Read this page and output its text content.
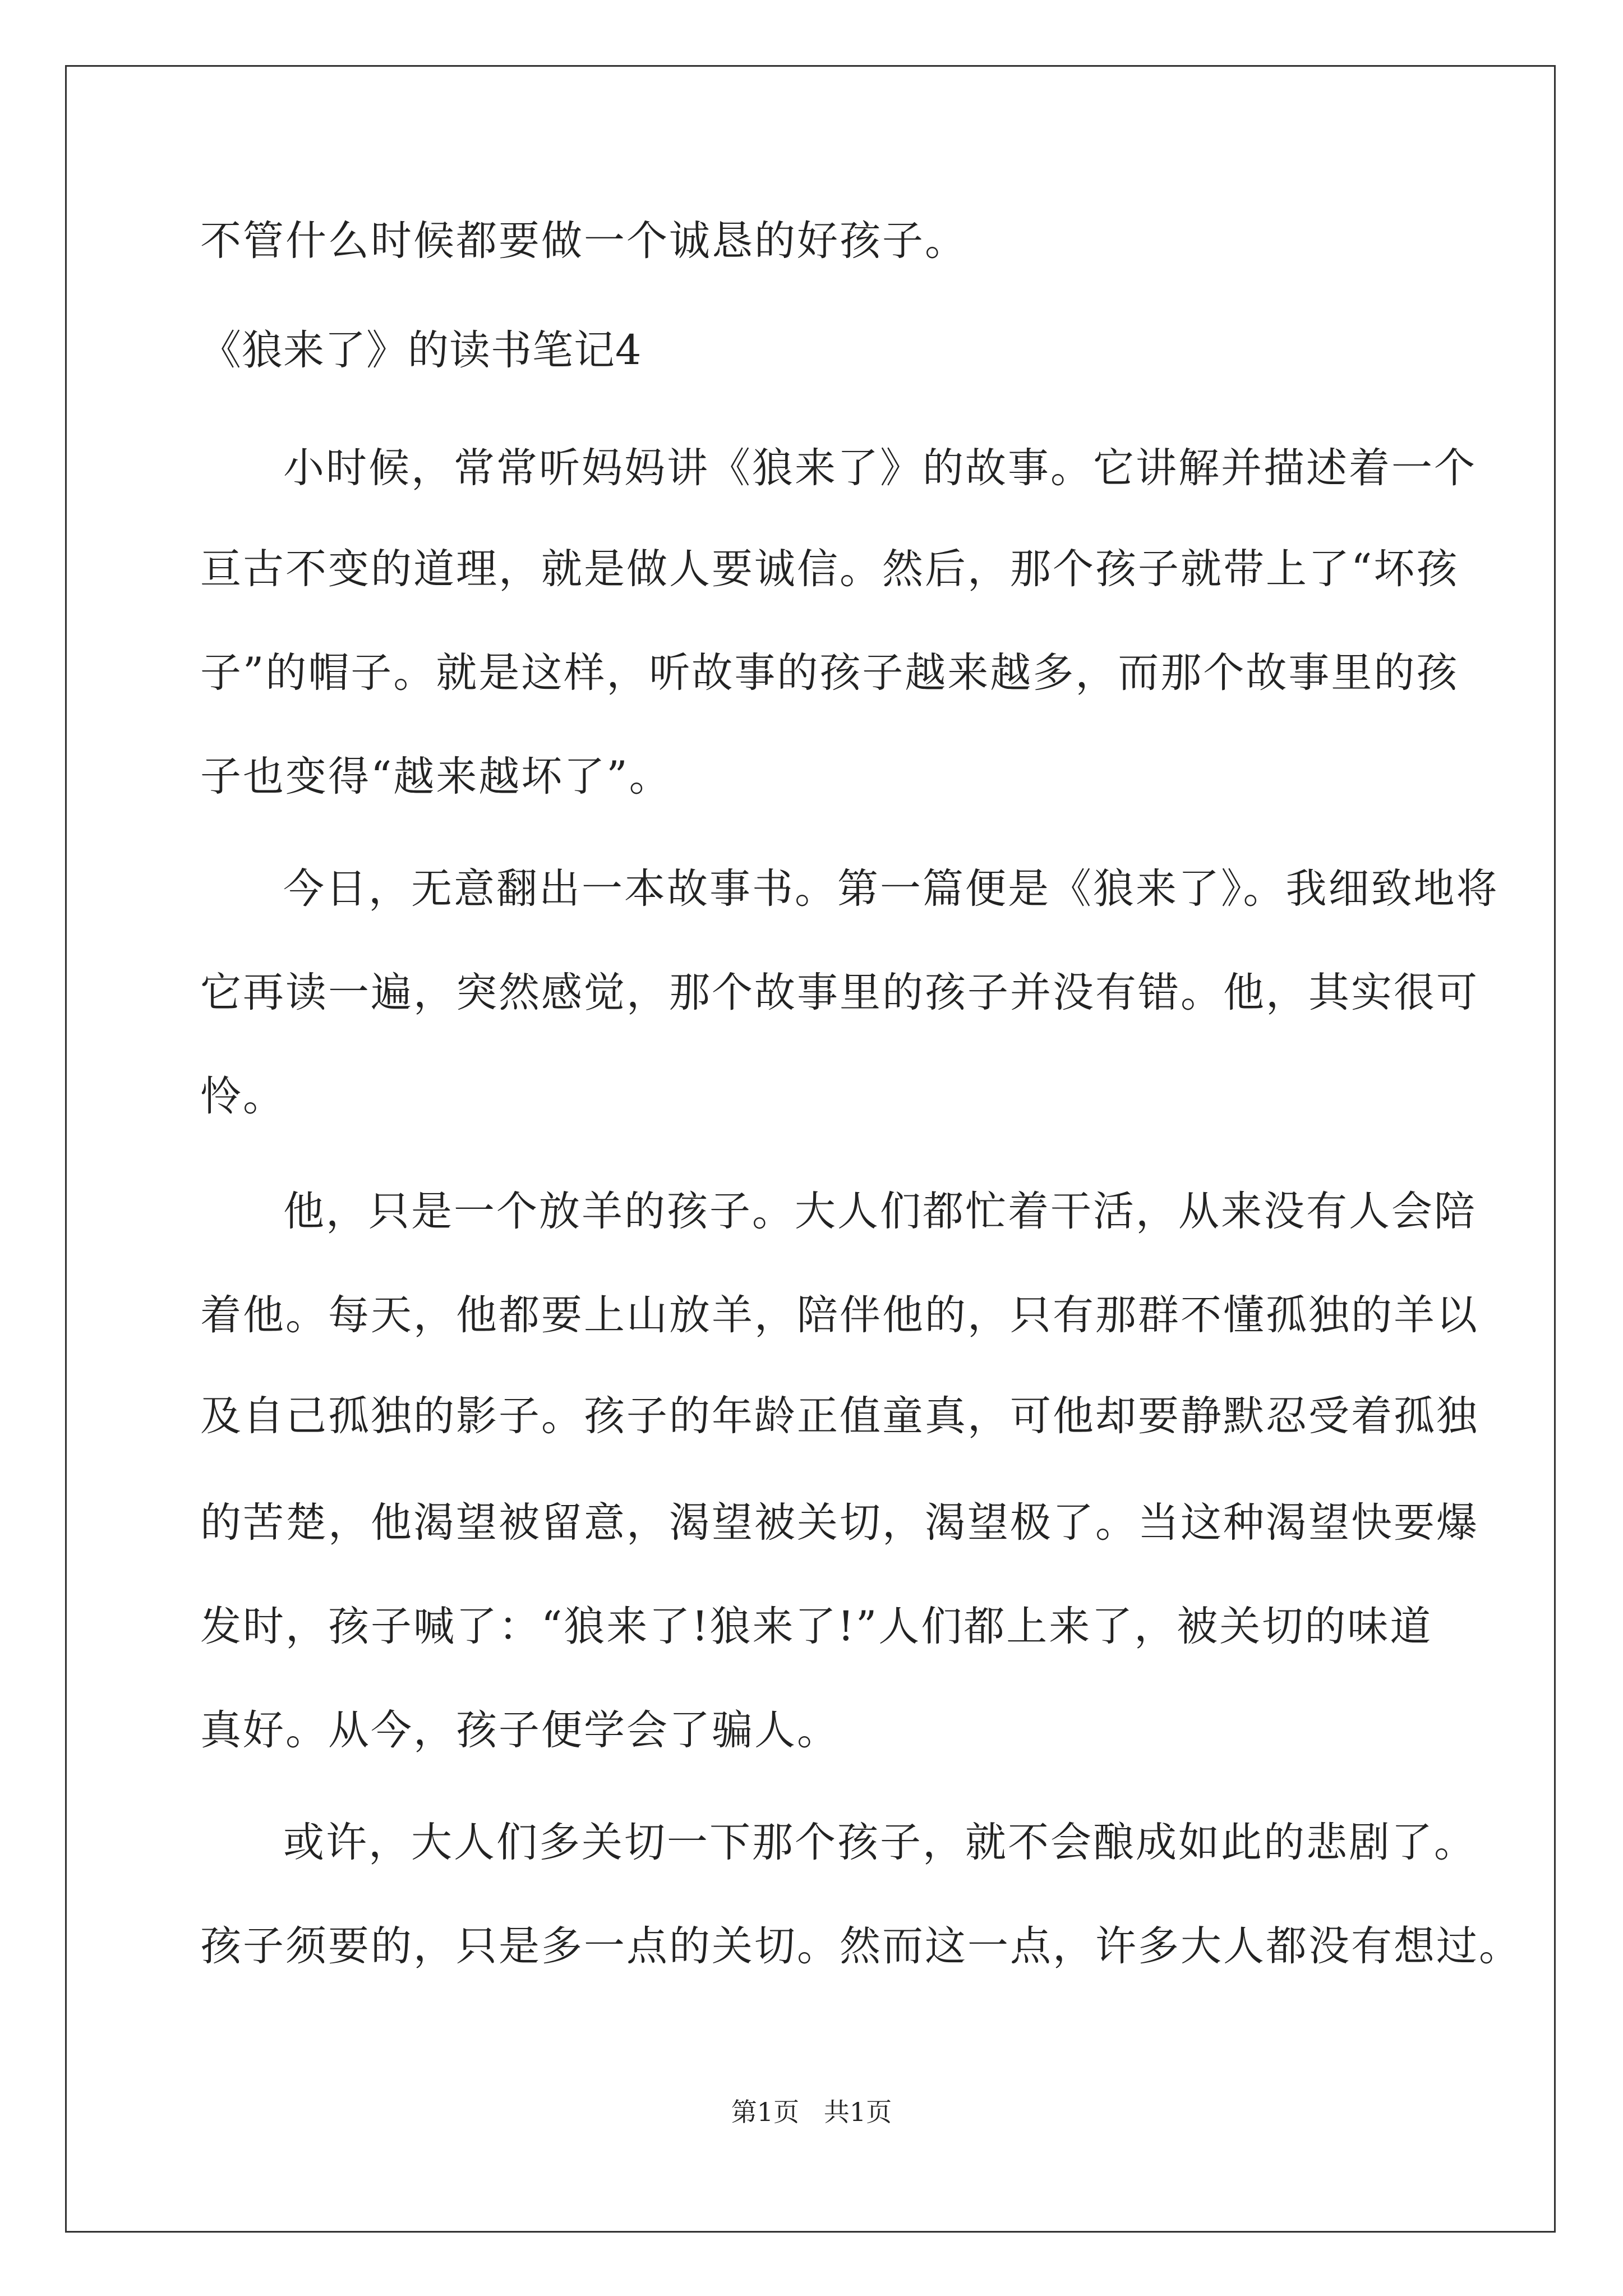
不管什么时候都要做一个诚恳的好孩子。
《狼来了》的读书笔记4
小时候，常常听妈妈讲《狼来了》的故事。它讲解并描述着一个
亘古不变的道理，就是做人要诚信。然后，那个孩子就带上了“坏孩
子”的帽子。就是这样，听故事的孩子越来越多，而那个故事里的孩
子也变得“越来越坏了”。
今日，无意翻出一本故事书。第一篇便是《狼来了》。我细致地将
它再读一遍，突然感觉，那个故事里的孩子并没有错。他，其实很可
怜。
他，只是一个放羊的孩子。大人们都忙着干活，从来没有人会陪
着他。每天，他都要上山放羊，陪伴他的，只有那群不懂孤独的羊以
及自己孤独的影子。孩子的年龄正值童真，可他却要静默忍受着孤独
的苦楚，他渴望被留意，渴望被关切，渴望极了。当这种渴望快要爆
发时，孩子喊了：“狼来了!狼来了!”人们都上来了，被关切的味道
真好。从今，孩子便学会了骗人。
或许，大人们多关切一下那个孩子，就不会酿成如此的悲剧了。
孩子须要的，只是多一点的关切。然而这一点，许多大人都没有想过。
第1页   共1页
